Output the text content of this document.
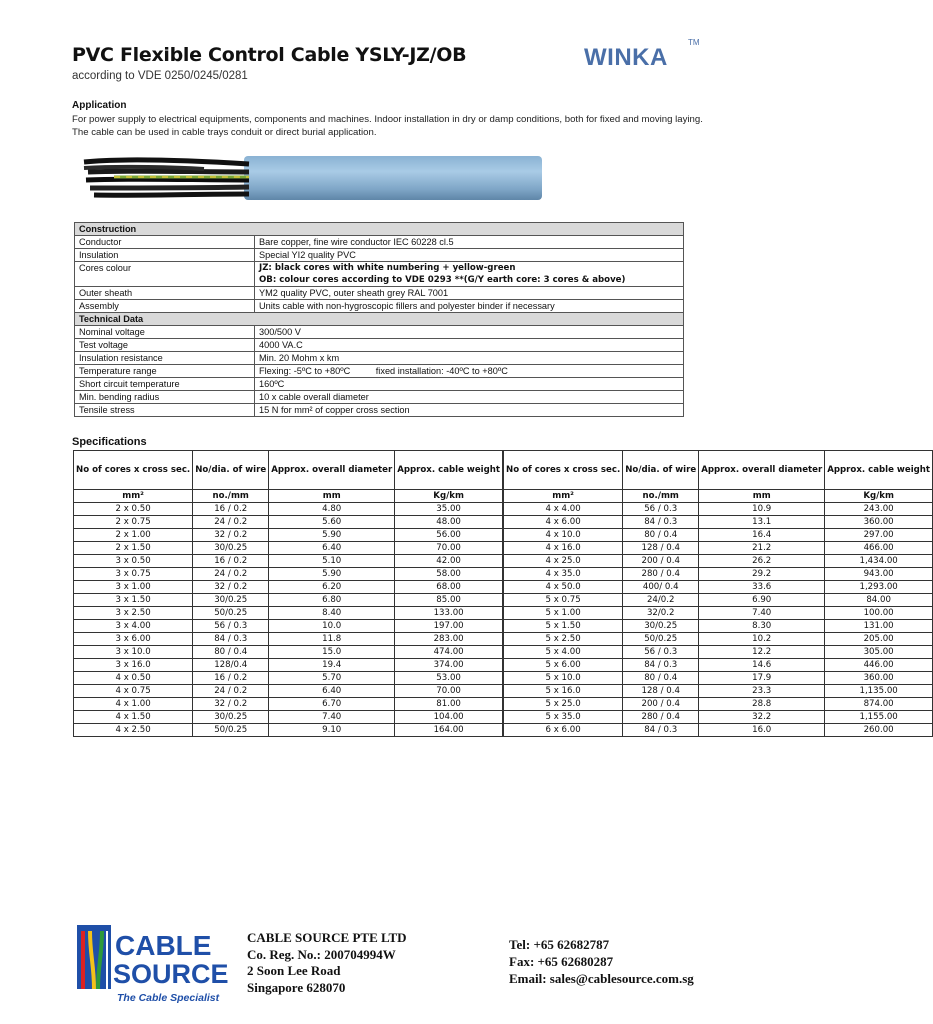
PVC Flexible Control Cable YSLY-JZ/OB
according to VDE 0250/0245/0281
WINKA
TM
Application
For power supply to electrical equipments, components and machines. Indoor installation in dry or damp conditions, both for fixed and moving laying. The cable can be used in cable trays conduit or direct burial application.
Construction	
Conductor	Bare copper, fine wire conductor IEC 60228 cl.5
Insulation	Special YI2 quality PVC
Cores colour	JZ: black cores with white numbering + yellow-green
OB: colour cores according to VDE 0293 **(G/Y earth core: 3 cores & above)

Outer sheath	YM2 quality PVC, outer sheath grey RAL 7001
Assembly	Units cable with non-hygroscopic fillers and polyester binder if necessary
Technical Data	
Nominal voltage	300/500 V
Test voltage	4000 VA.C
Insulation resistance	Min. 20 Mohm x km
Temperature range	Flexing: -5ºC to +80ºC          fixed installation: -40ºC to +80ºC
Short circuit temperature	160ºC
Min. bending radius	10 x cable overall diameter
Tensile stress	15 N for mm² of copper cross section
Specifications
No of cores x cross sec.	No/dia. of wire	Approx. overall diameter	Approx. cable weight		No of cores x cross sec.	No/dia. of wire	Approx. overall diameter	Approx. cable weight
mm²	no./mm	mm	Kg/km		mm²	no./mm	mm	Kg/km
2 x 0.50	16 / 0.2	4.80	35.00		4 x 4.00	56 / 0.3	10.9	243.00
2 x 0.75	24 / 0.2	5.60	48.00		4 x 6.00	84 / 0.3	13.1	360.00
2 x 1.00	32 / 0.2	5.90	56.00		4 x 10.0	80 / 0.4	16.4	297.00
2 x 1.50	30/0.25	6.40	70.00		4 x 16.0	128 / 0.4	21.2	466.00
3 x 0.50	16 / 0.2	5.10	42.00		4 x 25.0	200 / 0.4	26.2	1,434.00
3 x 0.75	24 / 0.2	5.90	58.00		4 x 35.0	280 / 0.4	29.2	943.00
3 x 1.00	32 / 0.2	6.20	68.00		4 x 50.0	400/ 0.4	33.6	1,293.00
3 x 1.50	30/0.25	6.80	85.00		5 x 0.75	24/0.2	6.90	84.00
3 x 2.50	50/0.25	8.40	133.00		5 x 1.00	32/0.2	7.40	100.00
3 x 4.00	56 / 0.3	10.0	197.00		5 x 1.50	30/0.25	8.30	131.00
3 x 6.00	84 / 0.3	11.8	283.00		5 x 2.50	50/0.25	10.2	205.00
3 x 10.0	80 / 0.4	15.0	474.00		5 x 4.00	56 / 0.3	12.2	305.00
3 x 16.0	128/0.4	19.4	374.00		5 x 6.00	84 / 0.3	14.6	446.00
4 x 0.50	16 / 0.2	5.70	53.00		5 x 10.0	80 / 0.4	17.9	360.00
4 x 0.75	24 / 0.2	6.40	70.00		5 x 16.0	128 / 0.4	23.3	1,135.00
4 x 1.00	32 / 0.2	6.70	81.00		5 x 25.0	200 / 0.4	28.8	874.00
4 x 1.50	30/0.25	7.40	104.00		5 x 35.0	280 / 0.4	32.2	1,155.00
4 x 2.50	50/0.25	9.10	164.00		6 x 6.00	84 / 0.3	16.0	260.00
CABLE
SOURCE
The Cable Specialist
CABLE SOURCE PTE LTD
Co. Reg. No.: 200704994W
2 Soon Lee Road
Singapore 628070
Tel: +65 62682787
Fax: +65 62680287
Email: sales@cablesource.com.sg
